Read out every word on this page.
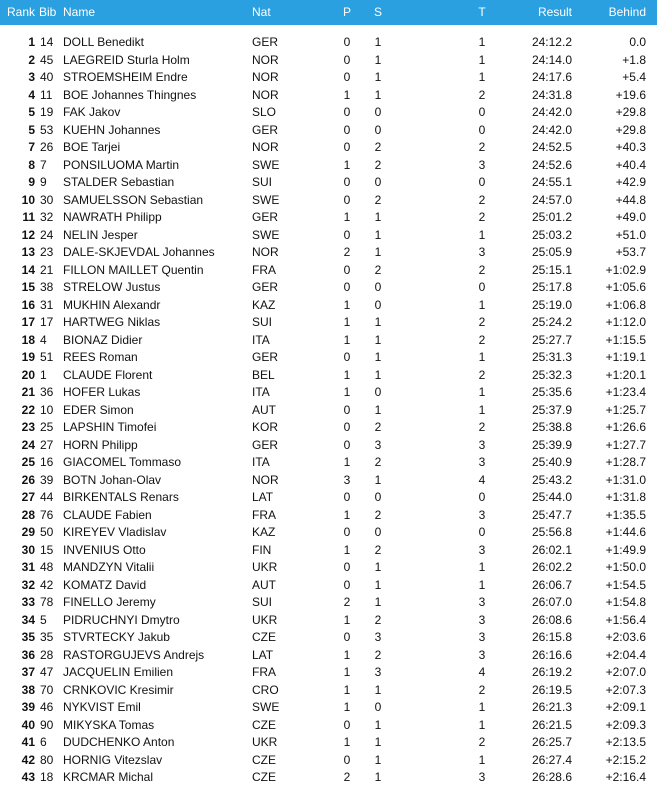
Rank Bib Name	Nat	P	S	T	Result	Behind
1 14 DOLL Benedikt	GER	0	1	1	24:12.2	0.0
2 45 LAEGREID Sturla Holm	NOR	0	1	1	24:14.0	+1.8
3 40 STROEMSHEIM Endre	NOR	0	1	1	24:17.6	+5.4
4 11 BOE Johannes Thingnes	NOR	1	1	2	24:31.8	+19.6
5 19 FAK Jakov	SLO	0	0	0	24:42.0	+29.8
5 53 KUEHN Johannes	GER	0	0	0	24:42.0	+29.8
7 26 BOE Tarjei	NOR	0	2	2	24:52.5	+40.3
8 7	PONSILUOMA Martin	SWE	1	2	3	24:52.6	+40.4
9 9	STALDER Sebastian	SUI	0	0	0	24:55.1	+42.9
10 30 SAMUELSSON Sebastian	SWE	0	2	2	24:57.0	+44.8
11 32 NAWRATH Philipp	GER	1	1	2	25:01.2	+49.0
12 24 NELIN Jesper	SWE	0	1	1	25:03.2	+51.0
13 23 DALE-SKJEVDAL Johannes	NOR	2	1	3	25:05.9	+53.7
14 21 FILLON MAILLET Quentin	FRA	0	2	2	25:15.1	+1:02.9
15 38 STRELOW Justus	GER	0	0	0	25:17.8	+1:05.6
16 31 MUKHIN Alexandr	KAZ	1	0	1	25:19.0	+1:06.8
17 17 HARTWEG Niklas	SUI	1	1	2	25:24.2	+1:12.0
18 4	BIONAZ Didier	ITA	1	1	2	25:27.7	+1:15.5
19 51 REES Roman	GER	0	1	1	25:31.3	+1:19.1
20 1	CLAUDE Florent	BEL	1	1	2	25:32.3	+1:20.1
21 36 HOFER Lukas	ITA	1	0	1	25:35.6	+1:23.4
22 10 EDER Simon	AUT	0	1	1	25:37.9	+1:25.7
23 25 LAPSHIN Timofei	KOR	0	2	2	25:38.8	+1:26.6
24 27 HORN Philipp	GER	0	3	3	25:39.9	+1:27.7
25 16 GIACOMEL Tommaso	ITA	1	2	3	25:40.9	+1:28.7
26 39 BOTN Johan-Olav	NOR	3	1	4	25:43.2	+1:31.0
27 44 BIRKENTALS Renars	LAT	0	0	0	25:44.0	+1:31.8
28 76 CLAUDE Fabien	FRA	1	2	3	25:47.7	+1:35.5
29 50 KIREYEV Vladislav	KAZ	0	0	0	25:56.8	+1:44.6
30 15 INVENIUS Otto	FIN	1	2	3	26:02.1	+1:49.9
31 48 MANDZYN Vitalii	UKR	0	1	1	26:02.2	+1:50.0
32 42 KOMATZ David	AUT	0	1	1	26:06.7	+1:54.5
33 78 FINELLO Jeremy	SUI	2	1	3	26:07.0	+1:54.8
34 5	PIDRUCHNYI Dmytro	UKR	1	2	3	26:08.6	+1:56.4
35 35 STVRTECKY Jakub	CZE	0	3	3	26:15.8	+2:03.6
36 28 RASTORGUJEVS Andrejs	LAT	1	2	3	26:16.6	+2:04.4
37 47 JACQUELIN Emilien	FRA	1	3	4	26:19.2	+2:07.0
38 70 CRNKOVIC Kresimir	CRO	1	1	2	26:19.5	+2:07.3
39 46 NYKVIST Emil	SWE	1	0	1	26:21.3	+2:09.1
40 90 MIKYSKA Tomas	CZE	0	1	1	26:21.5	+2:09.3
41 6	DUDCHENKO Anton	UKR	1	1	2	26:25.7	+2:13.5
42 80 HORNIG Vitezslav	CZE	0	1	1	26:27.4	+2:15.2
43 18 KRCMAR Michal	CZE	2	1	3	26:28.6	+2:16.4
